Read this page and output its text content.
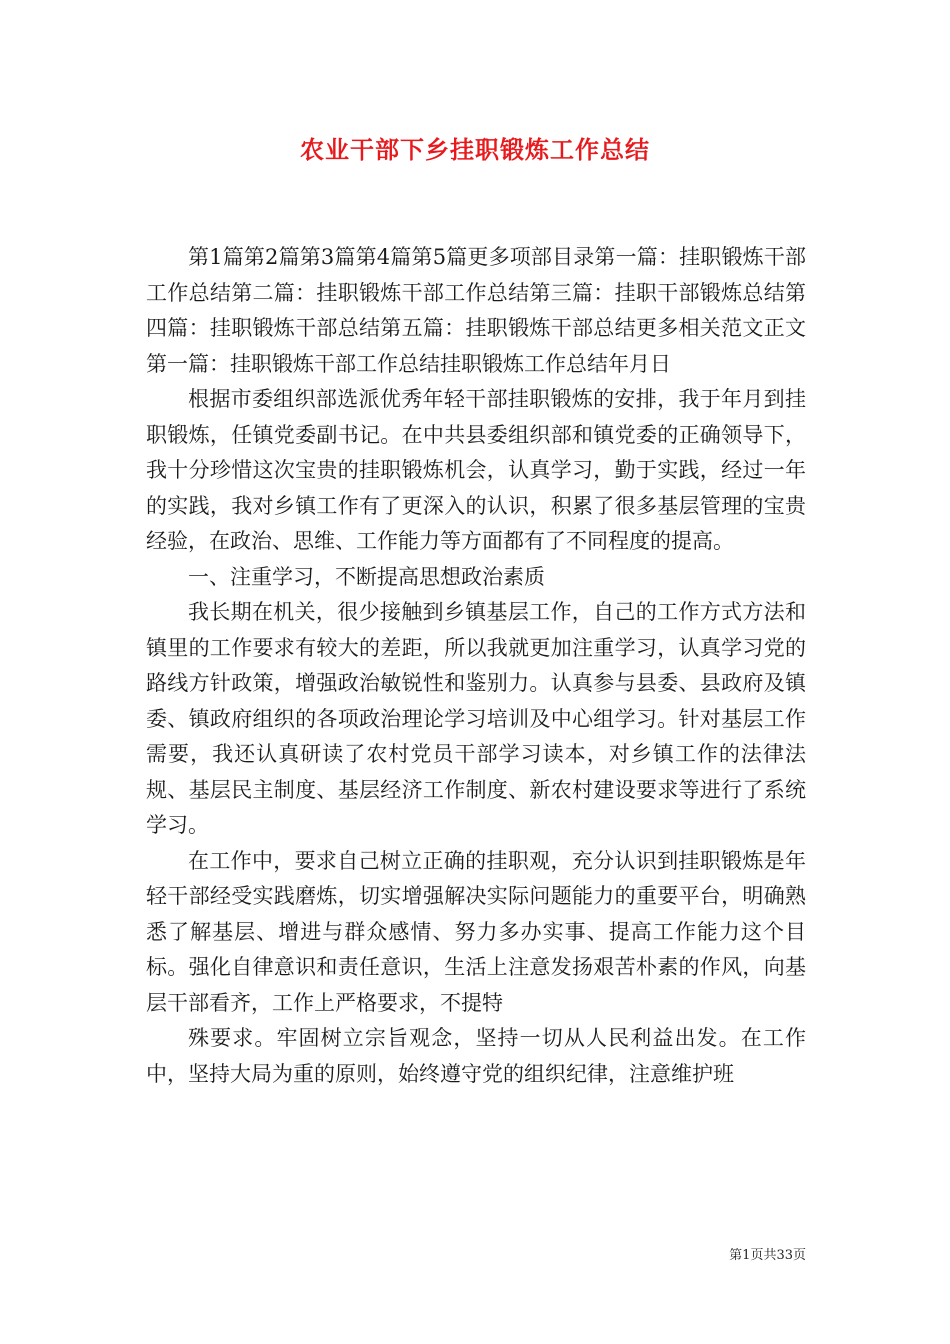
农业干部下乡挂职锻炼工作总结

第1篇第2篇第3篇第4篇第5篇更多项部目录第一篇：挂职锻炼干部工作总结第二篇：挂职锻炼干部工作总结第三篇：挂职干部锻炼总结第四篇：挂职锻炼干部总结第五篇：挂职锻炼干部总结更多相关范文正文第一篇：挂职锻炼干部工作总结挂职锻炼工作总结年月日

根据市委组织部选派优秀年轻干部挂职锻炼的安排，我于年月到挂职锻炼，任镇党委副书记。在中共县委组织部和镇党委的正确领导下，我十分珍惜这次宝贵的挂职锻炼机会，认真学习，勤于实践，经过一年的实践，我对乡镇工作有了更深入的认识，积累了很多基层管理的宝贵经验，在政治、思维、工作能力等方面都有了不同程度的提高。

一、注重学习，不断提高思想政治素质

我长期在机关，很少接触到乡镇基层工作，自己的工作方式方法和镇里的工作要求有较大的差距，所以我就更加注重学习，认真学习党的路线方针政策，增强政治敏锐性和鉴别力。认真参与县委、县政府及镇委、镇政府组织的各项政治理论学习培训及中心组学习。针对基层工作需要，我还认真研读了农村党员干部学习读本，对乡镇工作的法律法规、基层民主制度、基层经济工作制度、新农村建设要求等进行了系统学习。

在工作中，要求自己树立正确的挂职观，充分认识到挂职锻炼是年轻干部经受实践磨炼，切实增强解决实际问题能力的重要平台，明确熟悉了解基层、增进与群众感情、努力多办实事、提高工作能力这个目标。强化自律意识和责任意识，生活上注意发扬艰苦朴素的作风，向基层干部看齐，工作上严格要求，不提特

殊要求。牢固树立宗旨观念，坚持一切从人民利益出发。在工作中，坚持大局为重的原则，始终遵守党的组织纪律，注意维护班

第1页共33页
